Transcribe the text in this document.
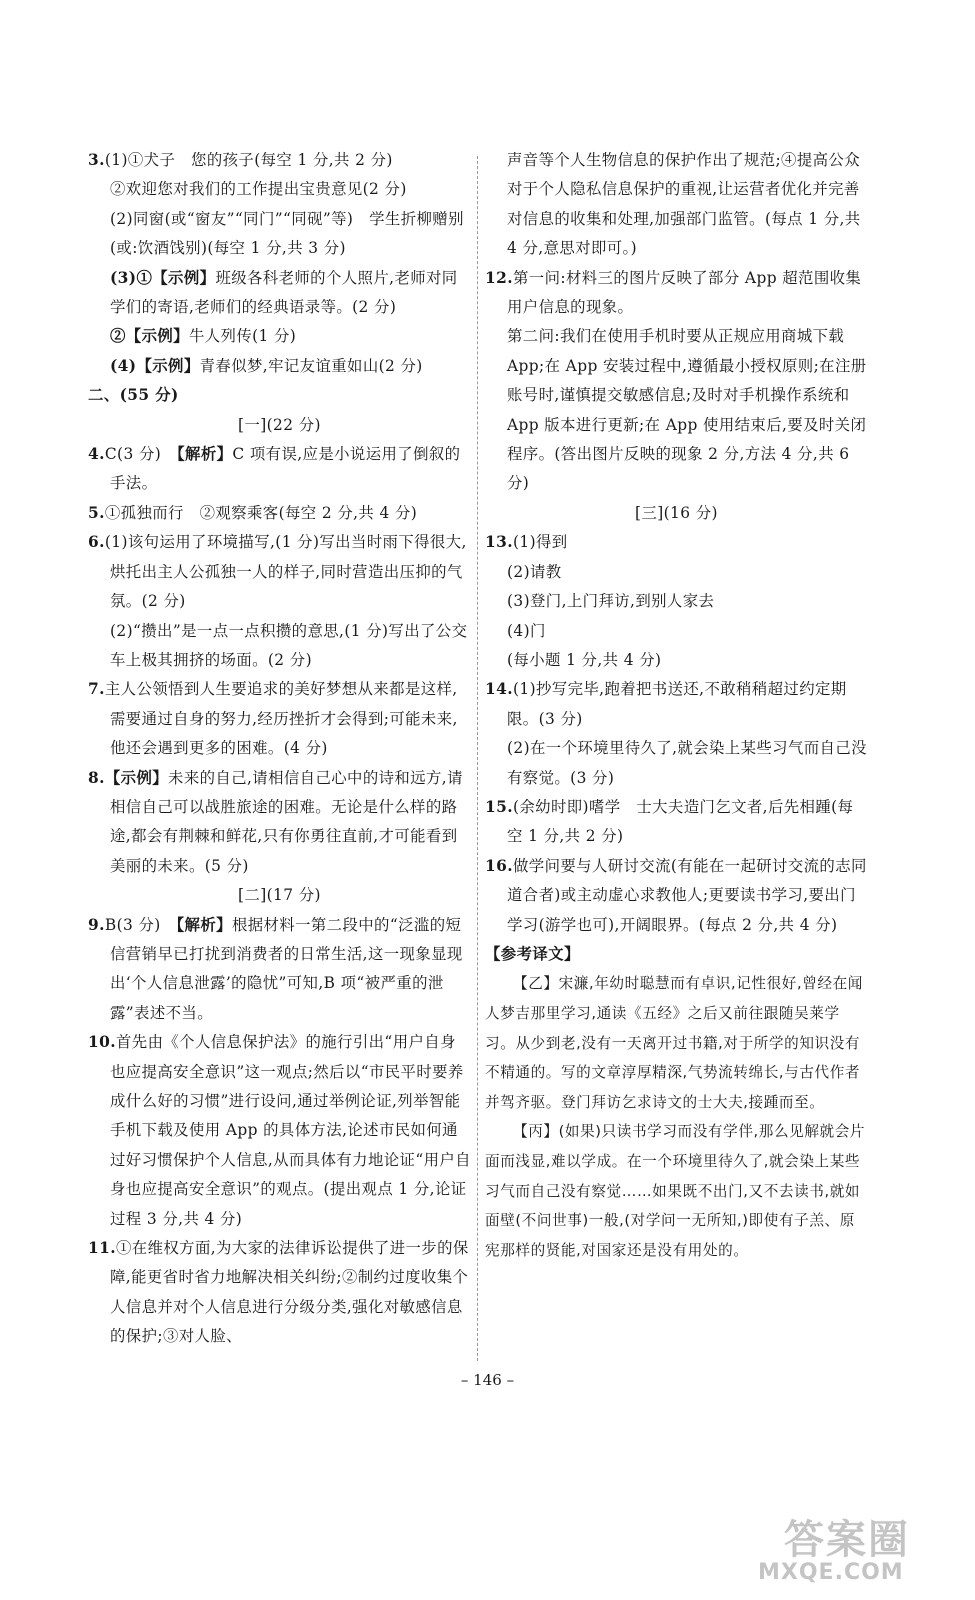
3.(1)①犬子　您的孩子(每空 1 分,共 2 分)

②欢迎您对我们的工作提出宝贵意见(2 分)

(2)同窗(或“窗友”“同门”“同砚”等)　学生折柳赠别(或:饮酒饯别)(每空 1 分,共 3 分)

(3)①【示例】班级各科老师的个人照片,老师对同学们的寄语,老师们的经典语录等。(2 分)

②【示例】牛人列传(1 分)

(4)【示例】青春似梦,牢记友谊重如山(2 分)

二、(55 分)

[一](22 分)

4.C(3 分)　【解析】C 项有误,应是小说运用了倒叙的手法。

5.①孤独而行　②观察乘客(每空 2 分,共 4 分)

6.(1)该句运用了环境描写,(1 分)写出当时雨下得很大,烘托出主人公孤独一人的样子,同时营造出压抑的气氛。(2 分)

(2)“攒出”是一点一点积攒的意思,(1 分)写出了公交车上极其拥挤的场面。(2 分)

7.主人公领悟到人生要追求的美好梦想从来都是这样,需要通过自身的努力,经历挫折才会得到;可能未来,他还会遇到更多的困难。(4 分)

8.【示例】未来的自己,请相信自己心中的诗和远方,请相信自己可以战胜旅途的困难。无论是什么样的路途,都会有荆棘和鲜花,只有你勇往直前,才可能看到美丽的未来。(5 分)

[二](17 分)

9.B(3 分)　【解析】根据材料一第二段中的“泛滥的短信营销早已打扰到消费者的日常生活,这一现象显现出‘个人信息泄露’的隐忧”可知,B 项“被严重的泄露”表述不当。

10.首先由《个人信息保护法》的施行引出“用户自身也应提高安全意识”这一观点;然后以“市民平时要养成什么好的习惯”进行设问,通过举例论证,列举智能手机下载及使用 App 的具体方法,论述市民如何通过好习惯保护个人信息,从而具体有力地论证“用户自身也应提高安全意识”的观点。(提出观点 1 分,论证过程 3 分,共 4 分)

11.①在维权方面,为大家的法律诉讼提供了进一步的保障,能更省时省力地解决相关纠纷;②制约过度收集个人信息并对个人信息进行分级分类,强化对敏感信息的保护;③对人脸、

声音等个人生物信息的保护作出了规范;④提高公众对于个人隐私信息保护的重视,让运营者优化并完善对信息的收集和处理,加强部门监管。(每点 1 分,共 4 分,意思对即可。)

12.第一问:材料三的图片反映了部分 App 超范围收集用户信息的现象。

第二问:我们在使用手机时要从正规应用商城下载 App;在 App 安装过程中,遵循最小授权原则;在注册账号时,谨慎提交敏感信息;及时对手机操作系统和 App 版本进行更新;在 App 使用结束后,要及时关闭程序。(答出图片反映的现象 2 分,方法 4 分,共 6 分)

[三](16 分)

13.(1)得到

(2)请教

(3)登门,上门拜访,到别人家去

(4)门

(每小题 1 分,共 4 分)

14.(1)抄写完毕,跑着把书送还,不敢稍稍超过约定期限。(3 分)

(2)在一个环境里待久了,就会染上某些习气而自己没有察觉。(3 分)

15.(余幼时即)嗜学　士大夫造门乞文者,后先相踵(每空 1 分,共 2 分)

16.做学问要与人研讨交流(有能在一起研讨交流的志同道合者)或主动虚心求教他人;更要读书学习,要出门学习(游学也可),开阔眼界。(每点 2 分,共 4 分)

【参考译文】

【乙】宋濂,年幼时聪慧而有卓识,记性很好,曾经在闻人梦吉那里学习,通读《五经》之后又前往跟随吴莱学习。从少到老,没有一天离开过书籍,对于所学的知识没有不精通的。写的文章淳厚精深,气势流转绵长,与古代作者并驾齐驱。登门拜访乞求诗文的士大夫,接踵而至。

【丙】(如果)只读书学习而没有学伴,那么见解就会片面而浅显,难以学成。在一个环境里待久了,就会染上某些习气而自己没有察觉……如果既不出门,又不去读书,就如面壁(不问世事)一般,(对学问一无所知,)即使有子羔、原宪那样的贤能,对国家还是没有用处的。

– 146 –
答案圈
MXQE.COM
